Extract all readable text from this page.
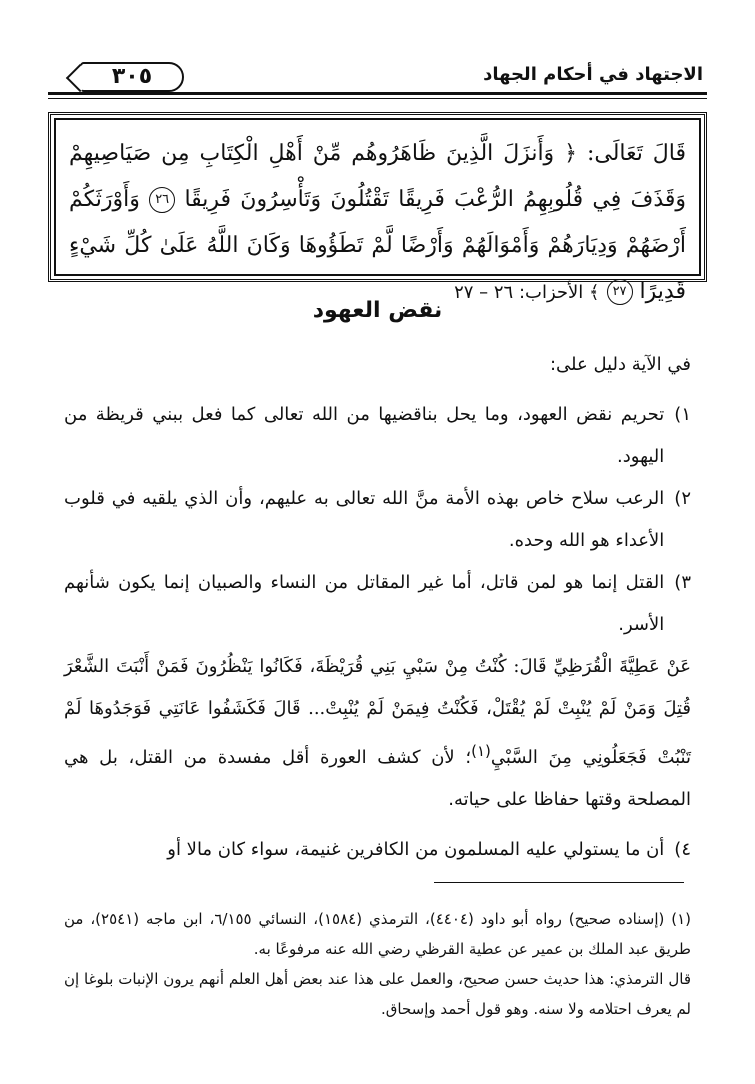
الاجتهاد في أحكام الجهاد
٣٠٥
قَالَ تَعَالَى: ﴿ وَأَنزَلَ الَّذِينَ ظَاهَرُوهُم مِّنْ أَهْلِ الْكِتَابِ مِن صَيَاصِيهِمْ وَقَذَفَ فِي قُلُوبِهِمُ الرُّعْبَ فَرِيقًا تَقْتُلُونَ وَتَأْسِرُونَ فَرِيقًا ٢٦ وَأَوْرَثَكُمْ أَرْضَهُمْ وَدِيَارَهُمْ وَأَمْوَالَهُمْ وَأَرْضًا لَّمْ تَطَؤُوهَا وَكَانَ اللَّهُ عَلَىٰ كُلِّ شَيْءٍ قَدِيرًا ٢٧ ﴾ الأحزاب: ٢٦ – ٢٧
نقض العهود

في الآية دليل على:

١)
تحريم نقض العهود، وما يحل بناقضيها من الله تعالى كما فعل ببني قريظة من اليهود.
٢)
الرعب سلاح خاص بهذه الأمة منَّ الله تعالى به عليهم، وأن الذي يلقيه في قلوب الأعداء هو الله وحده.
٣)
القتل إنما هو لمن قاتل، أما غير المقاتل من النساء والصبيان إنما يكون شأنهم الأسر.

عَنْ عَطِيَّةَ الْقُرَظِيِّ قَالَ: كُنْتُ مِنْ سَبْيِ بَنِي قُرَيْظَةَ، فَكَانُوا يَنْظُرُونَ فَمَنْ أَنْبَتَ الشَّعْرَ قُتِلَ وَمَنْ لَمْ يُنْبِتْ لَمْ يُقْتَلْ، فَكُنْتُ فِيمَنْ لَمْ يُنْبِتْ... قَالَ فَكَشَفُوا عَانَتِي فَوَجَدُوهَا لَمْ تَنْبُتْ فَجَعَلُونِي مِنَ السَّبْيِ$^{(١)}$؛ لأن كشف العورة أقل مفسدة من القتل، بل هي المصلحة وقتها حفاظا على حياته.

٤)
أن ما يستولي عليه المسلمون من الكافرين غنيمة، سواء كان مالا أو

(١) (إسناده صحيح) رواه أبو داود (٤٤٠٤)، الترمذي (١٥٨٤)، النسائي ٦/١٥٥، ابن ماجه (٢٥٤١)، من طريق عبد الملك بن عمير عن عطية القرظي رضي الله عنه مرفوعًا به.

قال الترمذي: هذا حديث حسن صحيح، والعمل على هذا عند بعض أهل العلم أنهم يرون الإنبات بلوغا إن لم يعرف احتلامه ولا سنه. وهو قول أحمد وإسحاق.
